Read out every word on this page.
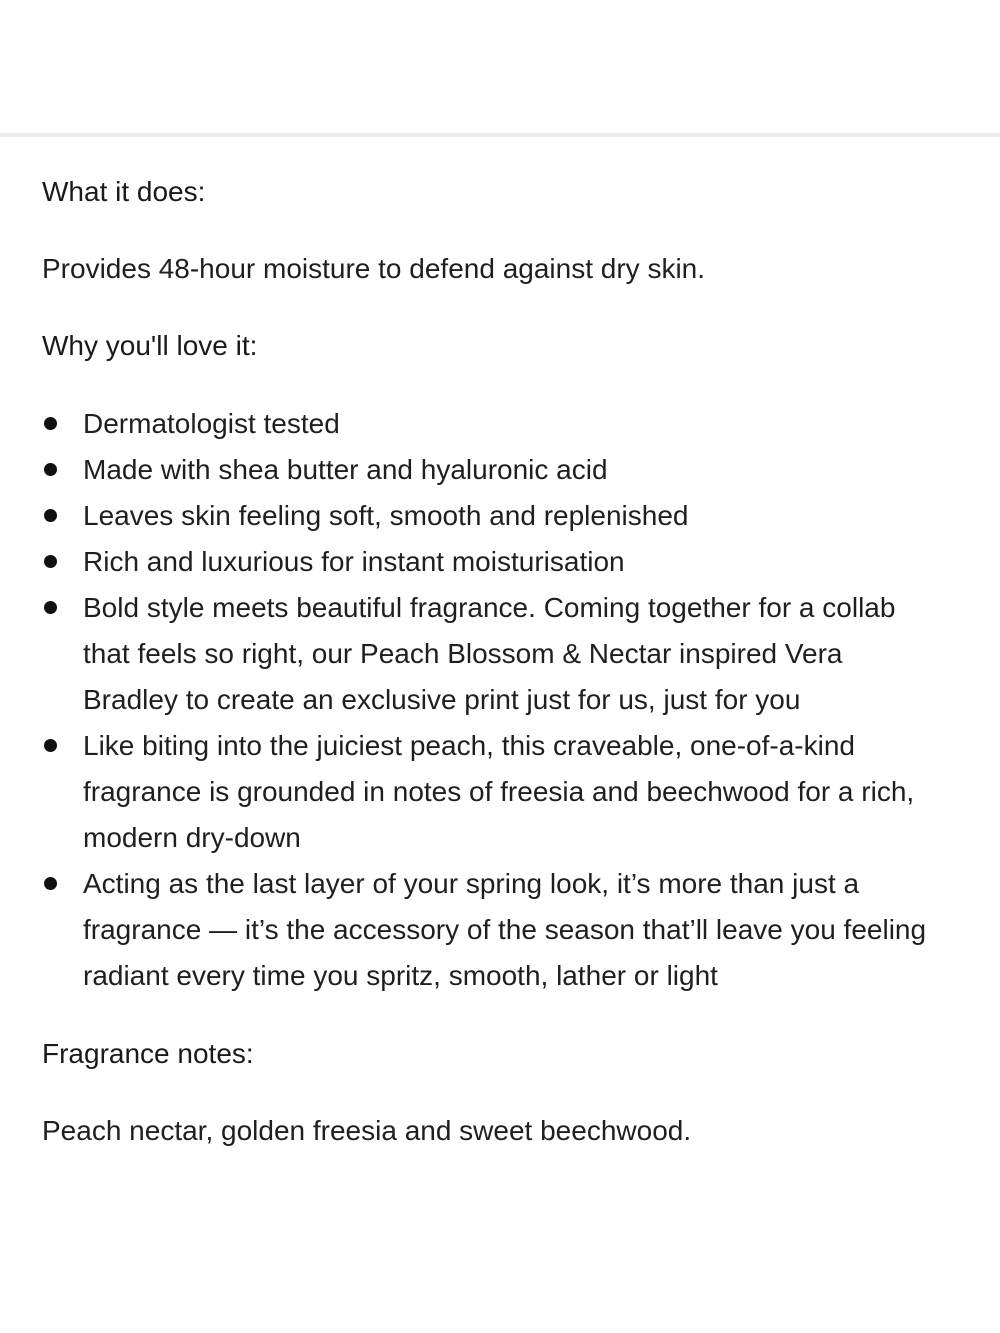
What it does:
Provides 48-hour moisture to defend against dry skin.
Why you'll love it:
Dermatologist tested
Made with shea butter and hyaluronic acid
Leaves skin feeling soft, smooth and replenished
Rich and luxurious for instant moisturisation
Bold style meets beautiful fragrance. Coming together for a collab that feels so right, our Peach Blossom & Nectar inspired Vera Bradley to create an exclusive print just for us, just for you
Like biting into the juiciest peach, this craveable, one-of-a-kind fragrance is grounded in notes of freesia and beechwood for a rich, modern dry-down
Acting as the last layer of your spring look, it’s more than just a fragrance — it’s the accessory of the season that’ll leave you feeling radiant every time you spritz, smooth, lather or light
Fragrance notes:
Peach nectar, golden freesia and sweet beechwood.
